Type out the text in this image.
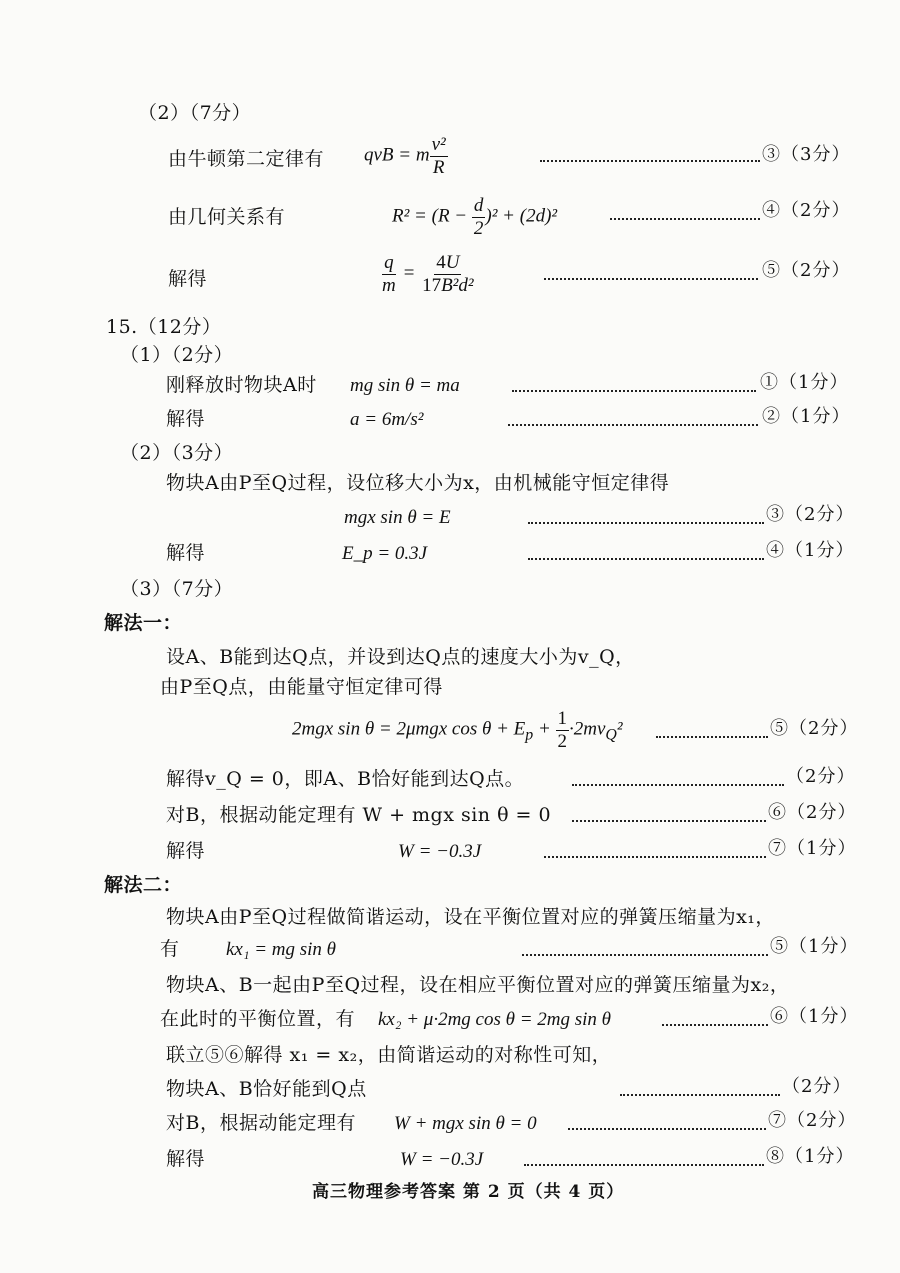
（2）（7分）
由牛顿第二定律有 qvB = m $\frac{\text{v²}}{R}$	③（3分）
由几何关系有	$R^2 = (R - \frac{d}{2} )^2 + (2d)^2$	④（2分）
解得	$\frac{q}{m} = \frac{4U}{\text{17B²d²}}$	⑤（2分）
15.（12分）
（1）（2分）
刚释放时物块A时 mg sin θ = ma	①（1分）
解得	a = 6m/s²	②（1分）
（2）（3分）
物块A由P至Q过程，设位移大小为x，由机械能守恒定律得
mgx sin θ = E	③（2分）
解得	E_p = 0.3J	④（1分）
（3）（7分）
解法一：
设A、B能到达Q点，并设到达Q点的速度大小为v_Q，
由P至Q点，由能量守恒定律可得
2mgx sin θ = 2μmgx $\cos \theta + E_p + \frac{1}{2} \cdot 2mv_Q^2$	⑤（2分）
解得v_Q = 0，即A、B恰好能到达Q点。	（2分）
对B，根据动能定理有 W + mgx sin θ = 0	⑥（2分）
解得	W = −0.3J	⑦（1分）
解法二：
物块A由P至Q过程做简谐运动，设在平衡位置对应的弹簧压缩量为x₁，
有 kx₁ = mg sin θ	⑤（1分）
物块A、B一起由P至Q过程，设在相应平衡位置对应的弹簧压缩量为x₂，
在此时的平衡位置，有 kx₂ + μ·2mg cos θ = 2mg sin θ	⑥（1分）
联立⑤⑥解得 x₁ = x₂，由简谐运动的对称性可知，
物块A、B恰好能到Q点	（2分）
对B，根据动能定理有 W + mgx sin θ = 0	⑦（2分）
解得	W = −0.3J	⑧（1分）
高三物理参考答案 第 2 页（共 4 页）
